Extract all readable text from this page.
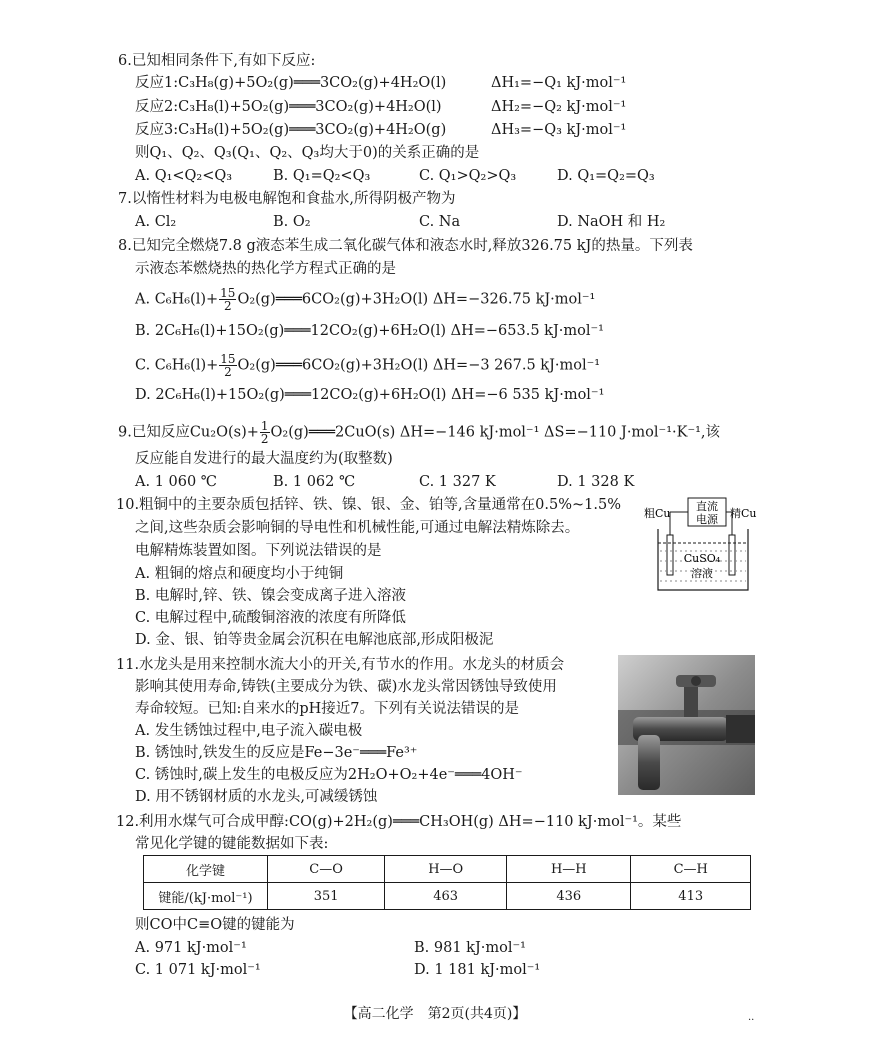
6.已知相同条件下,有如下反应:
反应1:C₃H₈(g)+5O₂(g)═══3CO₂(g)+4H₂O(l)	ΔH₁=−Q₁ kJ·mol⁻¹
反应2:C₃H₈(l)+5O₂(g)═══3CO₂(g)+4H₂O(l)	ΔH₂=−Q₂ kJ·mol⁻¹
反应3:C₃H₈(l)+5O₂(g)═══3CO₂(g)+4H₂O(g)	ΔH₃=−Q₃ kJ·mol⁻¹
则Q₁、Q₂、Q₃(Q₁、Q₂、Q₃均大于0)的关系正确的是
A. Q₁<Q₂<Q₃	B. Q₁=Q₂<Q₃	C. Q₁>Q₂>Q₃	D. Q₁=Q₂=Q₃
7.以惰性材料为电极电解饱和食盐水,所得阴极产物为
A. Cl₂	B. O₂	C. Na	D. NaOH 和 H₂
8.已知完全燃烧7.8 g液态苯生成二氧化碳气体和液态水时,释放326.75 kJ的热量。下列表
示液态苯燃烧热的热化学方程式正确的是
A. $C_6H_6(l)+ \frac{15}{2}$ O₂(g)═══6CO₂(g)+3H₂O(l) ΔH=−326.75 kJ·mol⁻¹
B. 2C₆H₆(l)+15O₂(g)═══12CO₂(g)+6H₂O(l) ΔH=−653.5 kJ·mol⁻¹
C. $C_6H_6(l)+ \frac{15}{2}$ O₂(g)═══6CO₂(g)+3H₂O(l) ΔH=−3 267.5 kJ·mol⁻¹
D. 2C₆H₆(l)+15O₂(g)═══12CO₂(g)+6H₂O(l) ΔH=−6 535 kJ·mol⁻¹
9.已知反应$Cu_2O(s)+ \frac{1}{2}$ O₂(g)═══2CuO(s) ΔH=−146 kJ·mol⁻¹ ΔS=−110 J·mol⁻¹·K⁻¹,该
反应能自发进行的最大温度约为(取整数)
A. 1 060 ℃	B. 1 062 ℃	C. 1 327 K	D. 1 328 K
10.粗铜中的主要杂质包括锌、铁、镍、银、金、铂等,含量通常在0.5%~1.5%
之间,这些杂质会影响铜的导电性和机械性能,可通过电解法精炼除去。
电解精炼装置如图。下列说法错误的是
A. 粗铜的熔点和硬度均小于纯铜
B. 电解时,锌、铁、镍会变成离子进入溶液
C. 电解过程中,硫酸铜溶液的浓度有所降低
D. 金、银、铂等贵金属会沉积在电解池底部,形成阳极泥
直流
电源
粗Cu	精Cu
CuSO₄
溶液
11.水龙头是用来控制水流大小的开关,有节水的作用。水龙头的材质会
影响其使用寿命,铸铁(主要成分为铁、碳)水龙头常因锈蚀导致使用
寿命较短。已知:自来水的pH接近7。下列有关说法错误的是
A. 发生锈蚀过程中,电子流入碳电极
B. 锈蚀时,铁发生的反应是Fe−3e⁻═══Fe³⁺
C. 锈蚀时,碳上发生的电极反应为2H₂O+O₂+4e⁻═══4OH⁻
D. 用不锈钢材质的水龙头,可减缓锈蚀
12.利用水煤气可合成甲醇:CO(g)+2H₂(g)═══CH₃OH(g) ΔH=−110 kJ·mol⁻¹。某些
常见化学键的键能数据如下表:
化学键	C—O	H—O	H—H	C—H
键能/(kJ·mol⁻¹)	351	463	436	413
则CO中C≡O键的键能为
A. 971 kJ·mol⁻¹	B. 981 kJ·mol⁻¹
C. 1 071 kJ·mol⁻¹	D. 1 181 kJ·mol⁻¹
【高二化学　第2页(共4页)】	..
